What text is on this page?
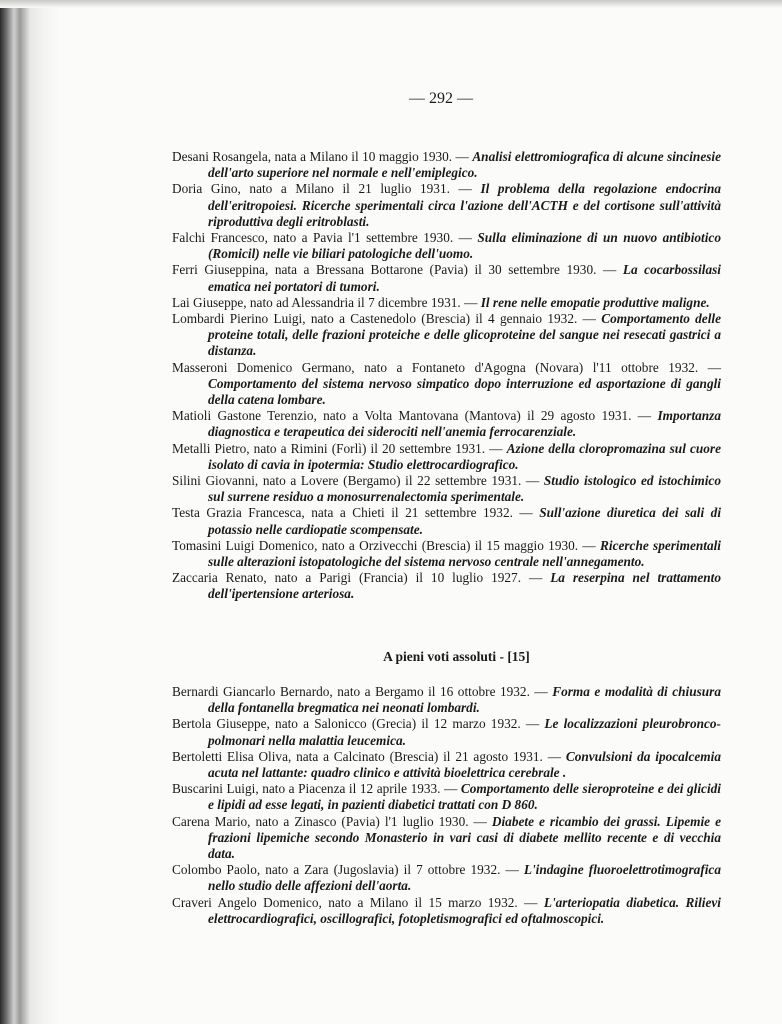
— 292 —

Desani Rosangela, nata a Milano il 10 maggio 1930. — Analisi elettromiografica di alcune sincinesie dell'arto superiore nel normale e nell'emiplegico.

Doria Gino, nato a Milano il 21 luglio 1931. — Il problema della regolazione endocrina dell'eritropoiesi. Ricerche sperimentali circa l'azione dell'ACTH e del cortisone sull'attività riproduttiva degli eritroblasti.

Falchi Francesco, nato a Pavia l'1 settembre 1930. — Sulla eliminazione di un nuovo antibiotico (Romicil) nelle vie biliari patologiche dell'uomo.

Ferri Giuseppina, nata a Bressana Bottarone (Pavia) il 30 settembre 1930. — La cocarbossilasi ematica nei portatori di tumori.

Lai Giuseppe, nato ad Alessandria il 7 dicembre 1931. — Il rene nelle emopatie produttive maligne.

Lombardi Pierino Luigi, nato a Castenedolo (Brescia) il 4 gennaio 1932. — Comportamento delle proteine totali, delle frazioni proteiche e delle glicoproteine del sangue nei resecati gastrici a distanza.

Masseroni Domenico Germano, nato a Fontaneto d'Agogna (Novara) l'11 ottobre 1932. — Comportamento del sistema nervoso simpatico dopo interruzione ed asportazione di gangli della catena lombare.

Matioli Gastone Terenzio, nato a Volta Mantovana (Mantova) il 29 agosto 1931. — Importanza diagnostica e terapeutica dei siderociti nell'anemia ferrocarenziale.

Metalli Pietro, nato a Rimini (Forlì) il 20 settembre 1931. — Azione della cloropromazina sul cuore isolato di cavia in ipotermia: Studio elettrocardiografico.

Silini Giovanni, nato a Lovere (Bergamo) il 22 settembre 1931. — Studio istologico ed istochimico sul surrene residuo a monosurrenalectomia sperimentale.

Testa Grazia Francesca, nata a Chieti il 21 settembre 1932. — Sull'azione diuretica dei sali di potassio nelle cardiopatie scompensate.

Tomasini Luigi Domenico, nato a Orzivecchi (Brescia) il 15 maggio 1930. — Ricerche sperimentali sulle alterazioni istopatologiche del sistema nervoso centrale nell'annegamento.

Zaccaria Renato, nato a Parigi (Francia) il 10 luglio 1927. — La reserpina nel trattamento dell'ipertensione arteriosa.

A pieni voti assoluti - [15]

Bernardi Giancarlo Bernardo, nato a Bergamo il 16 ottobre 1932. — Forma e modalità di chiusura della fontanella bregmatica nei neonati lombardi.

Bertola Giuseppe, nato a Salonicco (Grecia) il 12 marzo 1932. — Le localizzazioni pleurobronco-polmonari nella malattia leucemica.

Bertoletti Elisa Oliva, nata a Calcinato (Brescia) il 21 agosto 1931. — Convulsioni da ipocalcemia acuta nel lattante: quadro clinico e attività bioelettrica cerebrale .

Buscarini Luigi, nato a Piacenza il 12 aprile 1933. — Comportamento delle sieroproteine e dei glicidi e lipidi ad esse legati, in pazienti diabetici trattati con D 860.

Carena Mario, nato a Zinasco (Pavia) l'1 luglio 1930. — Diabete e ricambio dei grassi. Lipemie e frazioni lipemiche secondo Monasterio in vari casi di diabete mellito recente e di vecchia data.

Colombo Paolo, nato a Zara (Jugoslavia) il 7 ottobre 1932. — L'indagine fluoroelettrotimografica nello studio delle affezioni dell'aorta.

Craveri Angelo Domenico, nato a Milano il 15 marzo 1932. — L'arteriopatia diabetica. Rilievi elettrocardiografici, oscillografici, fotopletismografici ed oftalmoscopici.
